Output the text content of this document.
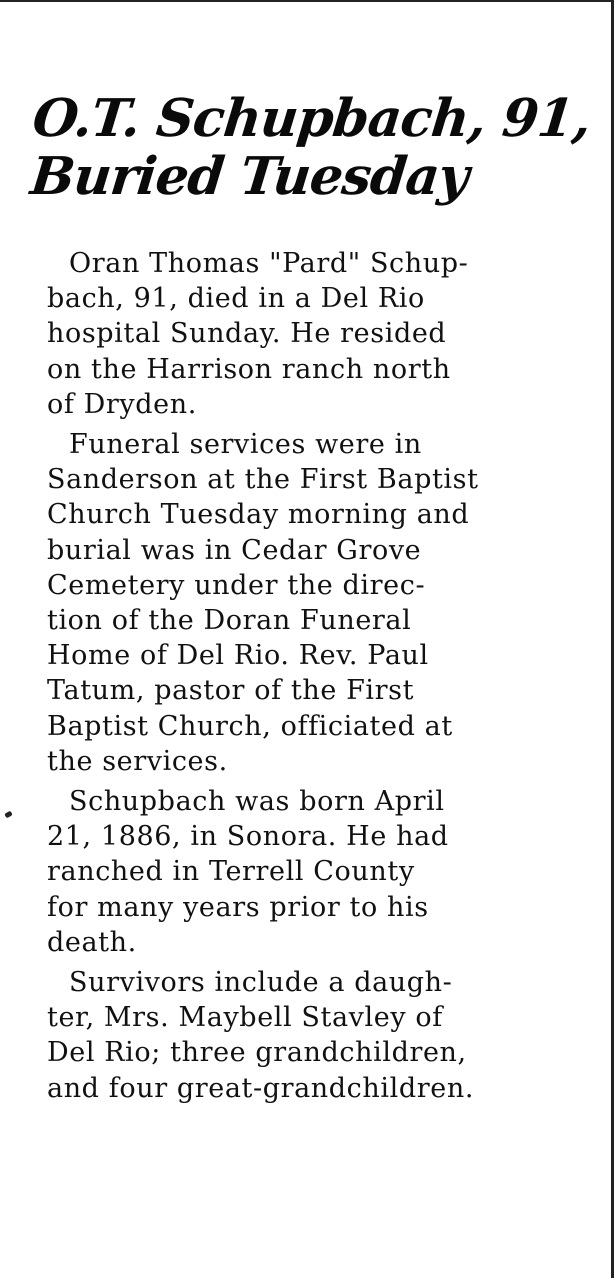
O.T. Schupbach, 91,
Buried Tuesday

Oran Thomas "Pard" Schup-
bach, 91, died in a Del Rio
hospital Sunday. He resided
on the Harrison ranch north
of Dryden.

Funeral services were in
Sanderson at the First Baptist
Church Tuesday morning and
burial was in Cedar Grove
Cemetery under the direc-
tion of the Doran Funeral
Home of Del Rio. Rev. Paul
Tatum, pastor of the First
Baptist Church, officiated at
the services.

Schupbach was born April
21, 1886, in Sonora. He had
ranched in Terrell County
for many years prior to his
death.

Survivors include a daugh-
ter, Mrs. Maybell Stavley of
Del Rio; three grandchildren,
and four great-grandchildren.
